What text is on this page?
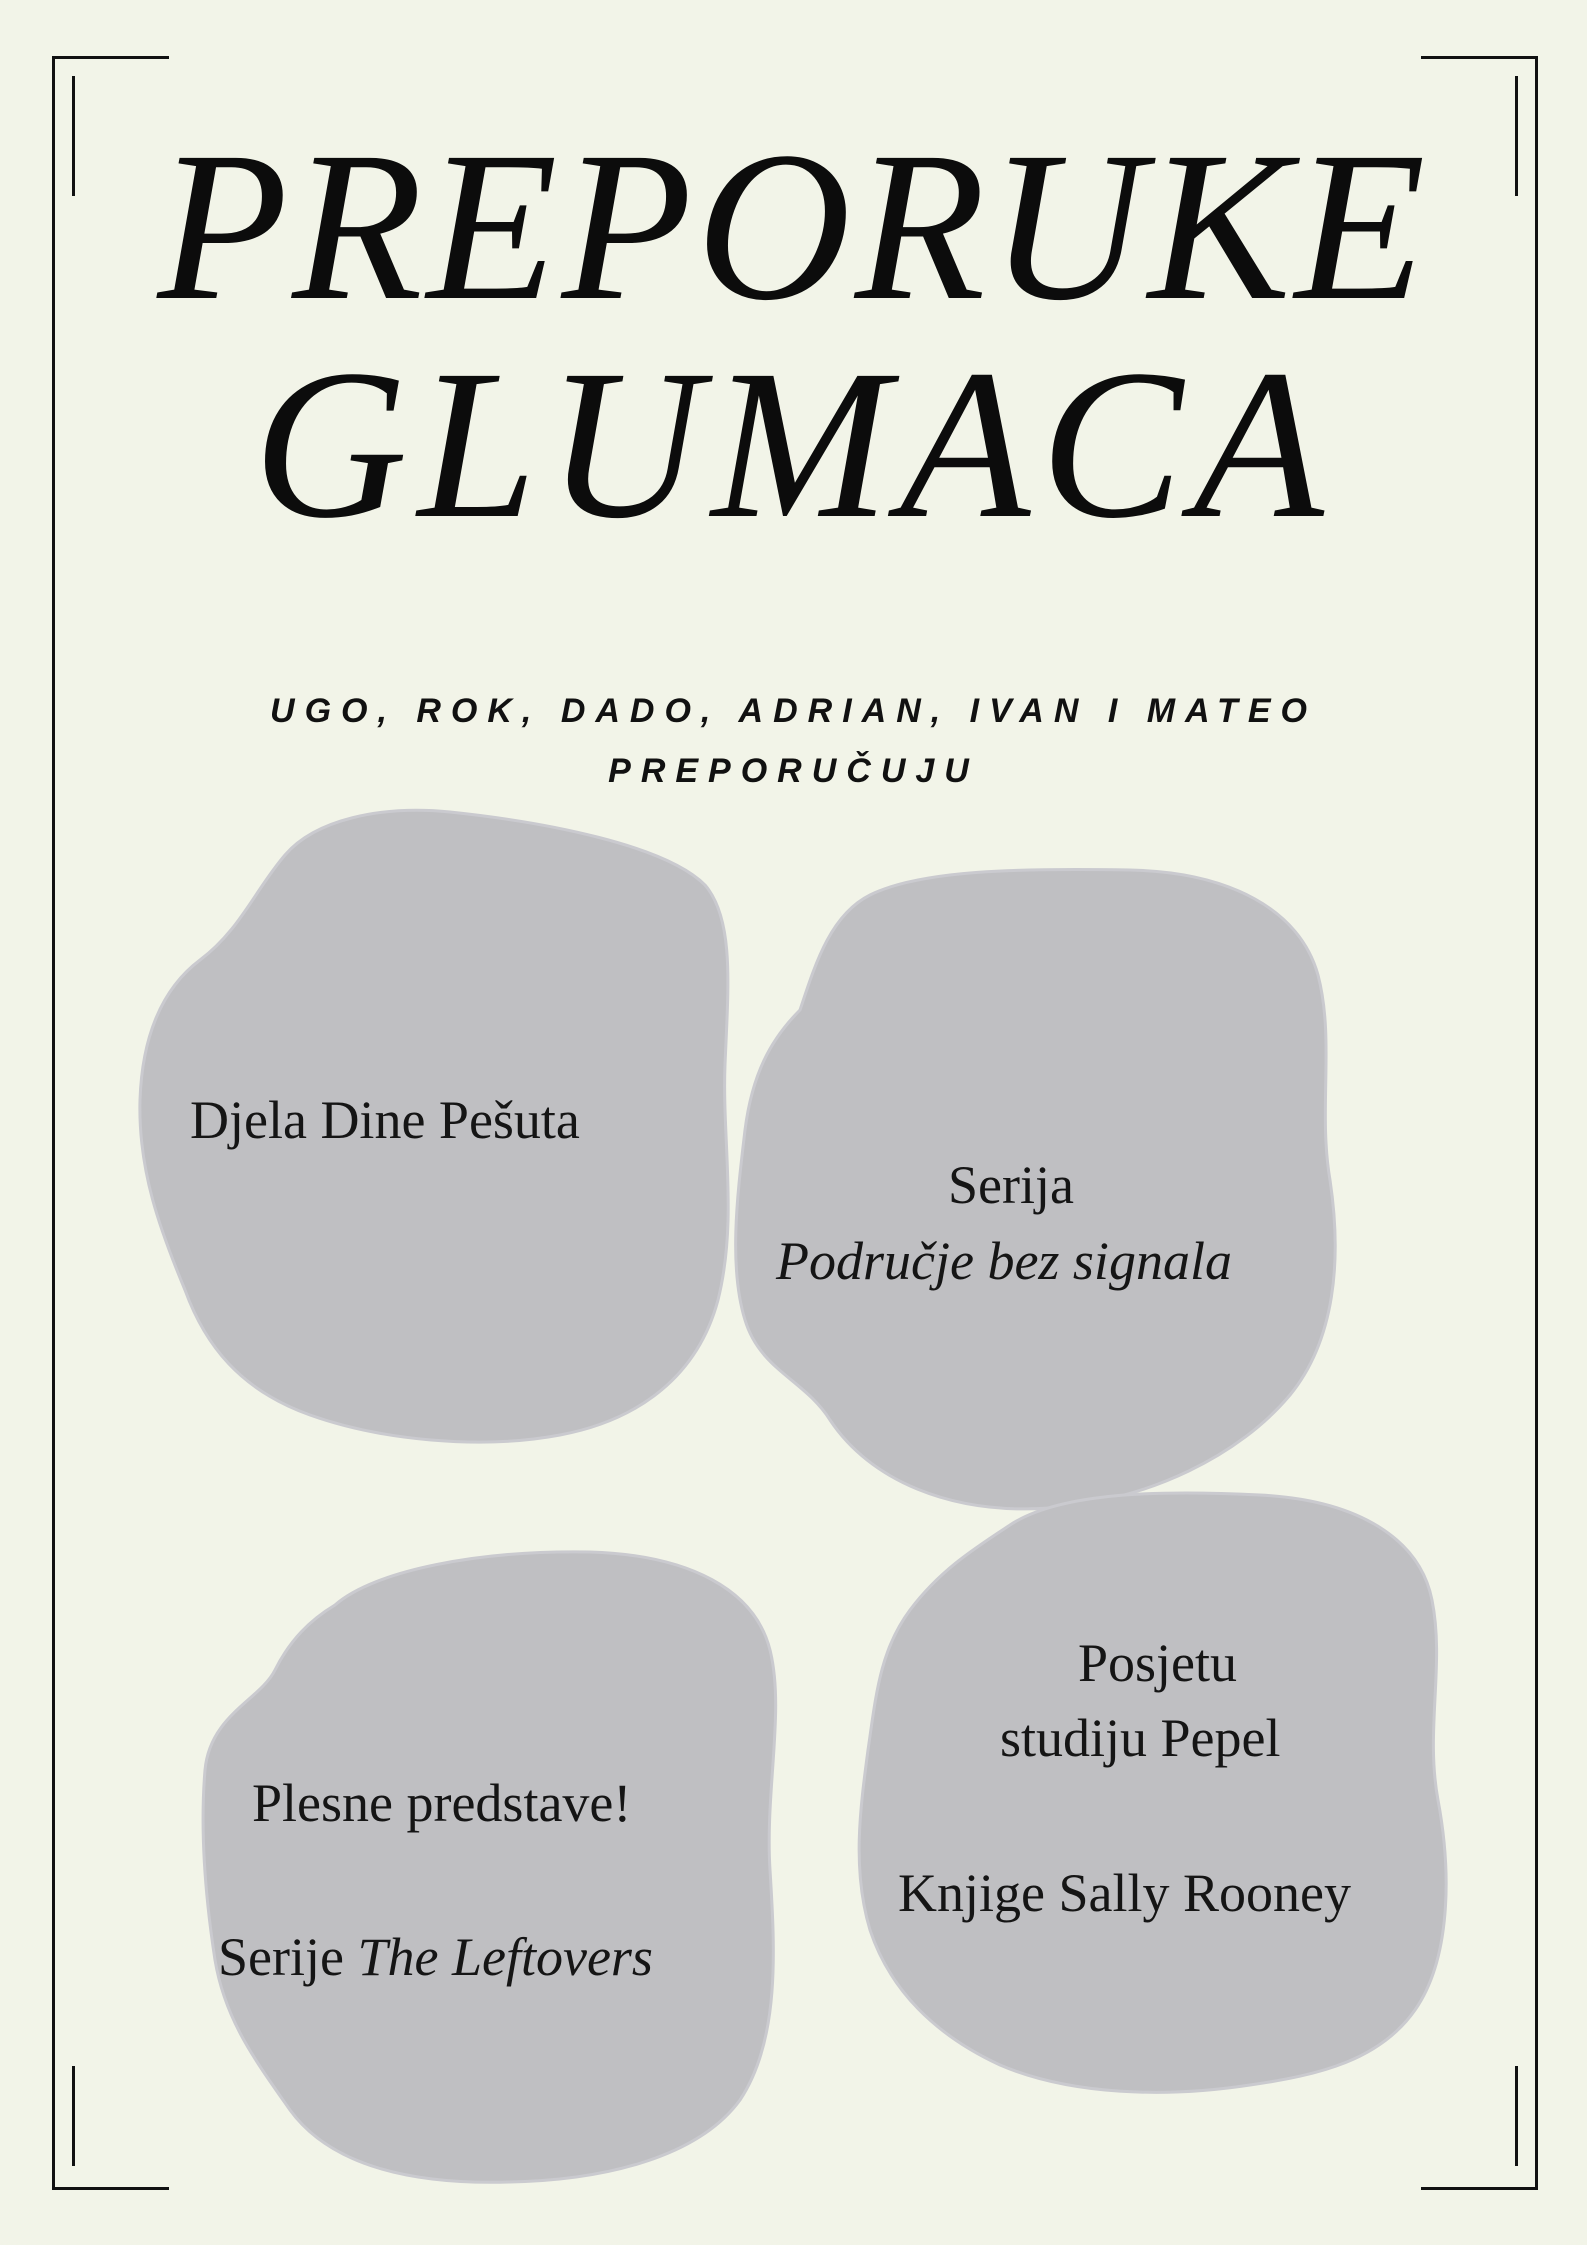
PREPORUKE
GLUMACA
UGO, ROK, DADO, ADRIAN, IVAN I MATEO
PREPORUČUJU
Djela Dine Pešuta
Serija
Područje bez signala
Plesne predstave!
Serije The Leftovers
Posjetu
studiju Pepel
Knjige Sally Rooney
